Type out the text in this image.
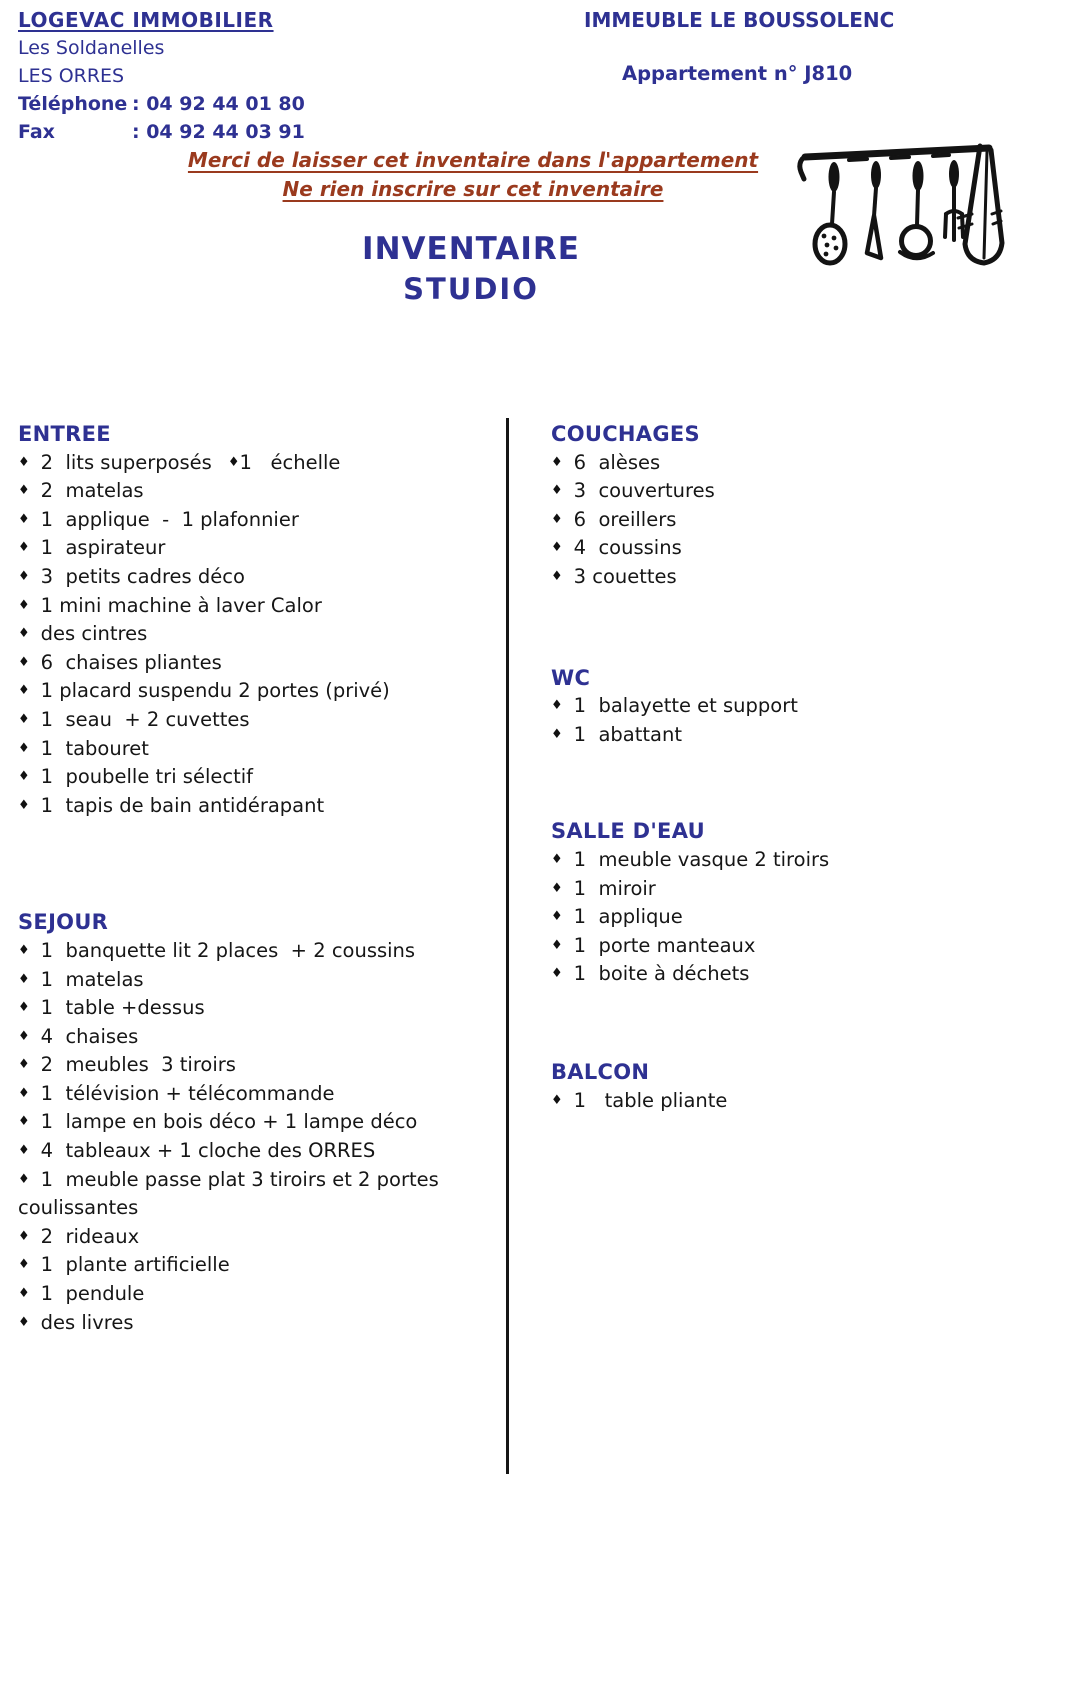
LOGEVAC IMMOBILIER
Les Soldanelles
LES ORRES
Téléphone : 04 92 44 01 80
Fax	: 04 92 44 03 91
IMMEUBLE LE BOUSSOLENC
Appartement n° J810
Merci de laisser cet inventaire dans l'appartement
Ne rien inscrire sur cet inventaire
INVENTAIRE
STUDIO
ENTREE
♦ 2  lits superposés ♦1   échelle
♦ 2  matelas
♦ 1  applique  -  1 plafonnier
♦ 1  aspirateur
♦ 3  petits cadres déco
♦ 1 mini machine à laver Calor
♦ des cintres
♦ 6  chaises pliantes
♦ 1 placard suspendu 2 portes (privé)
♦ 1  seau  + 2 cuvettes
♦ 1  tabouret
♦ 1  poubelle tri sélectif
♦ 1  tapis de bain antidérapant
SEJOUR
♦ 1  banquette lit 2 places  + 2 coussins
♦ 1  matelas
♦ 1  table +dessus
♦ 4  chaises
♦ 2  meubles  3 tiroirs
♦ 1  télévision + télécommande
♦ 1  lampe en bois déco + 1 lampe déco
♦ 4  tableaux + 1 cloche des ORRES
♦ 1  meuble passe plat 3 tiroirs et 2 portes coulissantes
♦ 2  rideaux
♦ 1  plante artificielle
♦ 1  pendule
♦ des livres
COUCHAGES
♦ 6  alèses
♦ 3  couvertures
♦ 6  oreillers
♦ 4  coussins
♦ 3 couettes
WC
♦ 1  balayette et support
♦ 1  abattant
SALLE D'EAU
♦ 1  meuble vasque 2 tiroirs
♦ 1  miroir
♦ 1  applique
♦ 1  porte manteaux
♦ 1  boite à déchets
BALCON
♦ 1   table pliante
